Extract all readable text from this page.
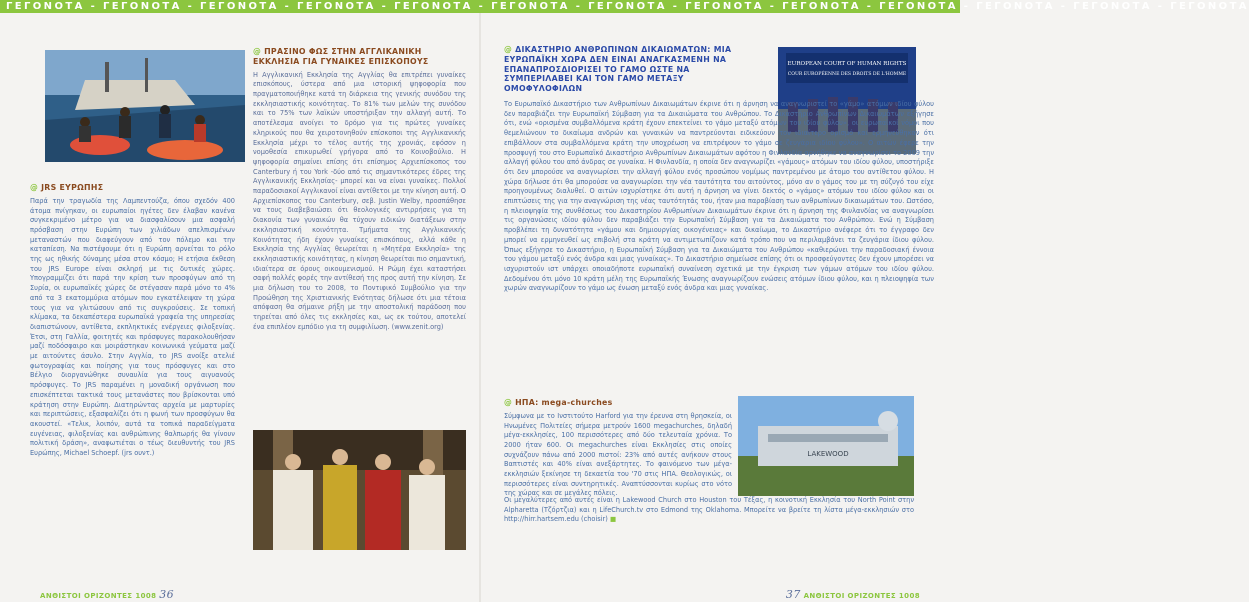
ΓΕΓΟΝΟΤΑ - ΓΕΓΟΝΟΤΑ - ΓΕΓΟΝΟΤΑ - ΓΕΓΟΝΟΤΑ - ΓΕΓΟΝΟΤΑ - ΓΕΓΟΝΟΤΑ - ΓΕΓΟΝΟΤΑ - ΓΕΓΟΝΟΤΑ - ΓΕΓΟΝΟΤΑ - ΓΕΓΟΝΟΤΑ - ΓΕΓΟΝΟΤΑ - ΓΕΓΟΝΟΤΑ - ΓΕΓΟΝΟΤΑ

@ JRS ΕΥΡΩΠΗΣ

Παρά την τραγωδία της Λαμπεντούζα, όπου σχεδόν 400 άτομα πνίγηκαν, οι ευρωπαίοι ηγέτες δεν έλαβαν κανένα συγκεκριμένο μέτρο για να διασφαλίσουν μια ασφαλή πρόσβαση στην Ευρώπη των χιλιάδων απελπισμένων μεταναστών που διαφεύγουν από τον πόλεμο και την καταπίεση. Να πιστέψουμε ότι η Ευρώπη αρνείται το ρόλο της ως ηθικής δύναμης μέσα στον κόσμο; Η ετήσια έκθεση του JRS Europe είναι σκληρή με τις δυτικές χώρες. Υπογραμμίζει ότι παρά την κρίση των προσφύγων από τη Συρία, οι ευρωπαϊκές χώρες δε στέγασαν παρά μόνο το 4% από τα 3 εκατομμύρια ατόμων που εγκατέλειψαν τη χώρα τους για να γλιτώσουν από τις συγκρούσεις. Σε τοπική κλίμακα, τα δεκαπέστερα ευρωπαϊκά γραφεία της υπηρεσίας διαπιστώνουν, αντίθετα, εκπληκτικές ενέργειες φιλοξενίας. Έτσι, στη Γαλλία, φοιτητές και πρόσφυγες παρακολουθήσαν μαζί ποδόσφαιρο και μοιράστηκαν κοινωνικά γεύματα μαζί με αιτούντες άσυλο. Στην Αγγλία, το JRS ανοίξε ατελιέ φωτογραφίας και ποίησης για τους πρόσφυγες και στο Βέλγιο διοργανώθηκε συναυλία για τους αιγυανούς πρόσφυγες. Το JRS παραμένει η μοναδική οργάνωση που επισκέπτεται τακτικά τους μετανάστες που βρίσκονται υπό κράτηση στην Ευρώπη. Διατηρώντας αρχεία με μαρτυρίες και περιπτώσεις, εξασφαλίζει ότι η φωνή των προσφύγων θα ακουστεί. «Τελικ, λοιπόν, αυτά τα τοπικά παραδείγματα ευγένειας, φιλοξενίας και ανθρώπινης θαλπωρής θα γίνουν πολιτική δράση», αναφωτιέται ο τέως διευθυντής του JRS Ευρώπης, Michael Schoepf. (jrs ουντ.)

@ ΠΡΑΣΙΝΟ ΦΩΣ ΣΤΗΝ ΑΓΓΛΙΚΑΝΙΚΗ ΕΚΚΛΗΣΙΑ ΓΙΑ ΓΥΝΑΙΚΕΣ ΕΠΙΣΚΟΠΟΥΣ

Η Αγγλικανική Εκκλησία της Αγγλίας θα επιτρέπει γυναίκες επισκόπους, ύστερα από μια ιστορική ψηφοφορία που πραγματοποιήθηκε κατά τη διάρκεια της γενικής συνόδου της εκκλησιαστικής κοινότητας. Το 81% των μελών της συνόδου και το 75% των λαϊκών υποστήριξαν την αλλαγή αυτή. Το αποτέλεσμα ανοίγει το δρόμο για τις πρώτες γυναίκες κληρικούς που θα χειροτονηθούν επίσκοποι της Αγγλικανικής Εκκλησία μέχρι το τέλος αυτής της χρονιάς, εφόσον η νομοθεσία επικυρωθεί γρήγορα από το Κοινοβούλιο. Η ψηφοφορία σημαίνει επίσης ότι επίσημος Αρχιεπίσκοπος του Canterbury ή του York -δύο από τις σημαντικότερες έδρες της Αγγλικανικής Εκκλησίας- μπορεί και να είναι γυναίκες. Πολλοί παραδοσιακοί Αγγλικανοί είναι αντίθετοι με την κίνηση αυτή. Ο Αρχιεπίσκοπος του Canterbury, σεβ. Justin Welby, προσπάθησε να τους διαβεβαιώσει ότι θεολογικές αντιρρήσεις για τη διακονία των γυναικών θα τύχουν ειδικών διατάξεων στην εκκλησιαστική κοινότητα. Τμήματα της Αγγλικανικής Κοινότητας ήδη έχουν γυναίκες επισκόπους, αλλά κάθε η Εκκλησία της Αγγλίας θεωρείται η «Μητέρα Εκκλησία» της εκκλησιαστικής κοινότητας, η κίνηση θεωρείται πιο σημαντική, ιδιαίτερα σε όρους οικουμενισμού. Η Ρώμη έχει καταστήσει σαφή πολλές φορές την αντίθεσή της προς αυτή την κίνηση. Σε μια δήλωση του το 2008, το Ποντιφικό Συμβούλιο για την Προώθηση της Χριστιανικής Ενότητας δήλωσε ότι μια τέτοια απόφαση θα σήμαινε ρήξη με την αποστολική παράδοση που τηρείται από όλες τις εκκλησίες και, ως εκ τούτου, αποτελεί ένα επιπλέον εμπόδιο για τη συμφιλίωση. (www.zenit.org)

@ ΔΙΚΑΣΤΗΡΙΟ ΑΝΘΡΩΠΙΝΩΝ ΔΙΚΑΙΩΜΑΤΩΝ: ΜΙΑ ΕΥΡΩΠΑΪΚΗ ΧΩΡΑ ΔΕΝ ΕΙΝΑΙ ΑΝΑΓΚΑΣΜΕΝΗ ΝΑ ΕΠΑΝΑΠΡΟΣΔΙΟΡΙΣΕΙ ΤΟ ΓΑΜΟ ΩΣΤΕ ΝΑ ΣΥΜΠΕΡΙΛΑΒΕΙ ΚΑΙ ΤΟΝ ΓΑΜΟ ΜΕΤΑΞΥ ΟΜΟΦΥΛΟΦΙΛΩΝ

EUROPEAN COURT OF HUMAN RIGHTS
COUR EUROPÉENNE DES DROITS DE L'HOMME

Το Ευρωπαϊκό Δικαστήριο των Ανθρωπίνων Δικαιωμάτων έκρινε ότι η άρνηση να αναγνωριστεί το «γάμο» ατόμων ιδίου φύλου δεν παραβιάζει την Ευρωπαϊκή Σύμβαση για τα Δικαιώματα του Ανθρώπου. Το Δικαστήριο Ανθρωπίνων Δικαιωμάτων εξήγησε ότι, ενώ «ορισμένα συμβαλλόμενα κράτη έχουν επεκτείνει το γάμο μεταξύ ατόμων του ιδίου φύλου», οι ευρωπαϊκοί νόμοι που θεμελιώνουν το δικαίωμα ανδρών και γυναικών να παντρεύονται ειδικεύουν τον ιδιαίτερο ορισμό και ερμηνεύθηκαν ότι επιβάλλουν στα συμβαλλόμενα κράτη την υποχρέωση να επιτρέψουν το γάμο σε ζευγάρια ιδίου φύλου». Ο αιτών έφερε την προσφυγή του στο Ευρωπαϊκό Δικαστήριο Ανθρωπίνων Δικαιωμάτων αφότου η Φινλανδία αρνήθηκε να αναγνωρίσει το 2009 την αλλαγή φύλου του από άνδρας σε γυναίκα. Η Φινλανδία, η οποία δεν αναγνωρίζει «γάμους» ατόμων του ιδίου φύλου, υποστήριξε ότι δεν μπορούσε να αναγνωρίσει την αλλαγή φύλου ενός προσώπου νομίμως παντρεμένου με άτομο του αντίθετου φύλου. Η χώρα δήλωσε ότι θα μπορούσε να αναγνωρίσει την νέα ταυτότητα του αιτούντος, μόνο αν ο γάμος του με τη σύζυγό του είχε προηγουμένως διαλυθεί. Ο αιτών ισχυρίστηκε ότι αυτή η άρνηση να γίνει δεκτός ο «γάμος» ατόμων του ιδίου φύλου και οι επιπτώσεις της για την αναγνώριση της νέας ταυτότητάς του, ήταν μια παραβίαση των ανθρωπίνων δικαιωμάτων του. Ωστόσο, η πλειοψηφία της συνθέσεως του Δικαστηρίου Ανθρωπίνων Δικαιωμάτων έκρινε ότι η άρνηση της Φινλανδίας να αναγνωρίσει τις οργανώσεις ιδίου φύλου δεν παραβιάζει την Ευρωπαϊκή Σύμβαση για τα Δικαιώματα του Ανθρώπου. Ενώ η Σύμβαση προβλέπει τη δυνατότητα «γάμου και δημιουργίας οικογένειας» και δικαίωμα, το Δικαστήριο ανέφερε ότι το έγγραφο δεν μπορεί να ερμηνευθεί ως επιβολή στα κράτη να αντιμετωπίζουν κατά τρόπο που να περιλαμβάνει τα ζευγάρια ίδιου φύλου. Όπως εξήγησε το Δικαστήριο, η Ευρωπαϊκή Σύμβαση για τα Δικαιώματα του Ανθρώπου «καθιερώνει την παραδοσιακή έννοια του γάμου μεταξύ ενός άνδρα και μιας γυναίκας». Το Δικαστήριο σημείωσε επίσης ότι οι προσφεύγοντες δεν έχουν μπορέσει να ισχυριστούν ιστ υπάρχει οποιαδήποτε ευρωπαϊκή συναίνεση σχετικά με την έγκριση των γάμων ατόμων του ιδίου φύλου. Δεδομένου ότι μόνο 10 κράτη μέλη της Ευρωπαϊκής Ένωσης αναγνωρίζουν ενώσεις ατόμων ίδιου φύλου, και η πλειοψηφία των χωρών αναγνωρίζουν το γάμο ως ένωση μεταξύ ενός άνδρα και μιας γυναίκας.

@ ΗΠΑ: mega-churches

Σύμφωνα με το Ινστιτούτο Harford για την έρευνα στη θρησκεία, οι Ηνωμένες Πολιτείες σήμερα μετρούν 1600 megachurches, δηλαδή μέγα-εκκλησίες, 100 περισσότερες από δύο τελευταία χρόνια. Το 2000 ήταν 600. Οι megachurches είναι Εκκλησίες στις οποίες συχνάζουν πάνω από 2000 πιστοί: 23% από αυτές ανήκουν στους Βαπτιστές και 40% είναι ανεξάρτητες. Το φαινόμενο των μέγα-εκκλησιών ξεκίνησε τη δεκαετία του '70 στις ΗΠΑ. Θεολογικώς, οι περισσότερες είναι συντηρητικές. Αναπτύσσονται κυρίως στο νότο της χώρας και σε μεγάλες πόλεις.

LAKEWOOD

Οι μεγαλύτερες από αυτές είναι η Lakewood Church στο Houston του Τέξας, η κοινοτική Εκκλησία του North Point στην Alpharetta (Τζόρτζια) και η LifeChurch.tv στο Edmond της Oklahoma. Μπορείτε να βρείτε τη λίστα μέγα-εκκλησιών στο http://hirr.hartsem.edu (choisir) ■

ΑΝΘΙΣΤΟΙ ΟΡΙΖΟΝΤΕΣ 1008 36	37 ΑΝΘΙΣΤΟΙ ΟΡΙΖΟΝΤΕΣ 1008
